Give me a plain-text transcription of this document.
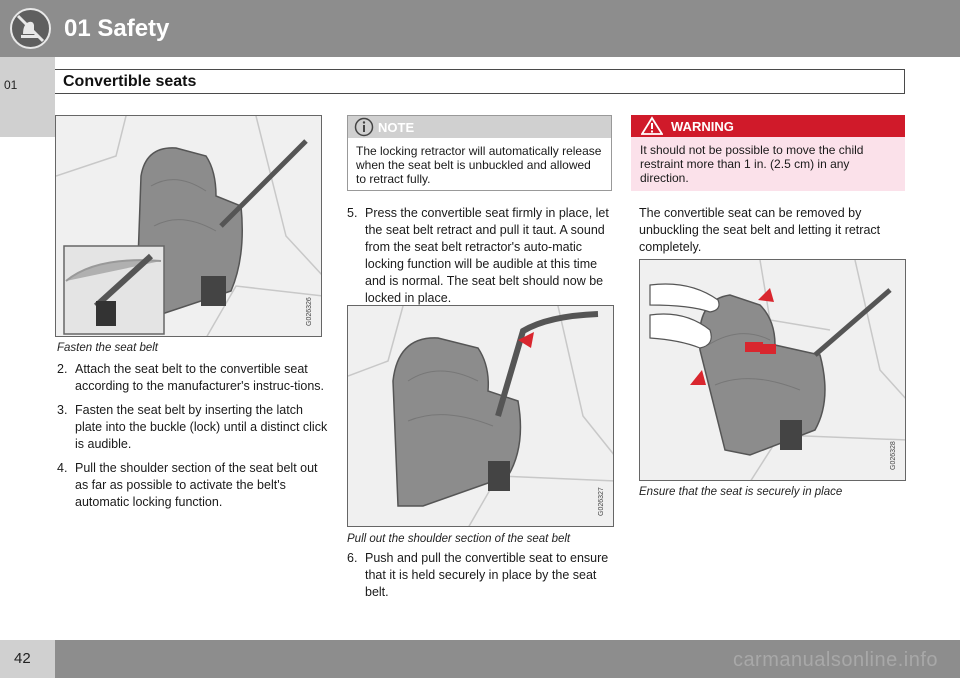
01 Safety
01	Convertible seats
G026326
Fasten the seat belt
2. Attach the seat belt to the convertible seat according to the manufacturer's instruc-tions.
3. Fasten the seat belt by inserting the latch plate into the buckle (lock) until a distinct click is audible.
4. Pull the shoulder section of the seat belt out as far as possible to activate the belt's automatic locking function.
NOTE
The locking retractor will automatically release when the seat belt is unbuckled and allowed to retract fully.
5. Press the convertible seat firmly in place, let the seat belt retract and pull it taut. A sound from the seat belt retractor's auto-matic locking function will be audible at this time and is normal. The seat belt should now be locked in place.
G026327
Pull out the shoulder section of the seat belt
6. Push and pull the convertible seat to ensure that it is held securely in place by the seat belt.
WARNING
It should not be possible to move the child restraint more than 1 in. (2.5 cm) in any direction.
The convertible seat can be removed by unbuckling the seat belt and letting it retract completely.
G026328
Ensure that the seat is securely in place
42	carmanualsonline.info
